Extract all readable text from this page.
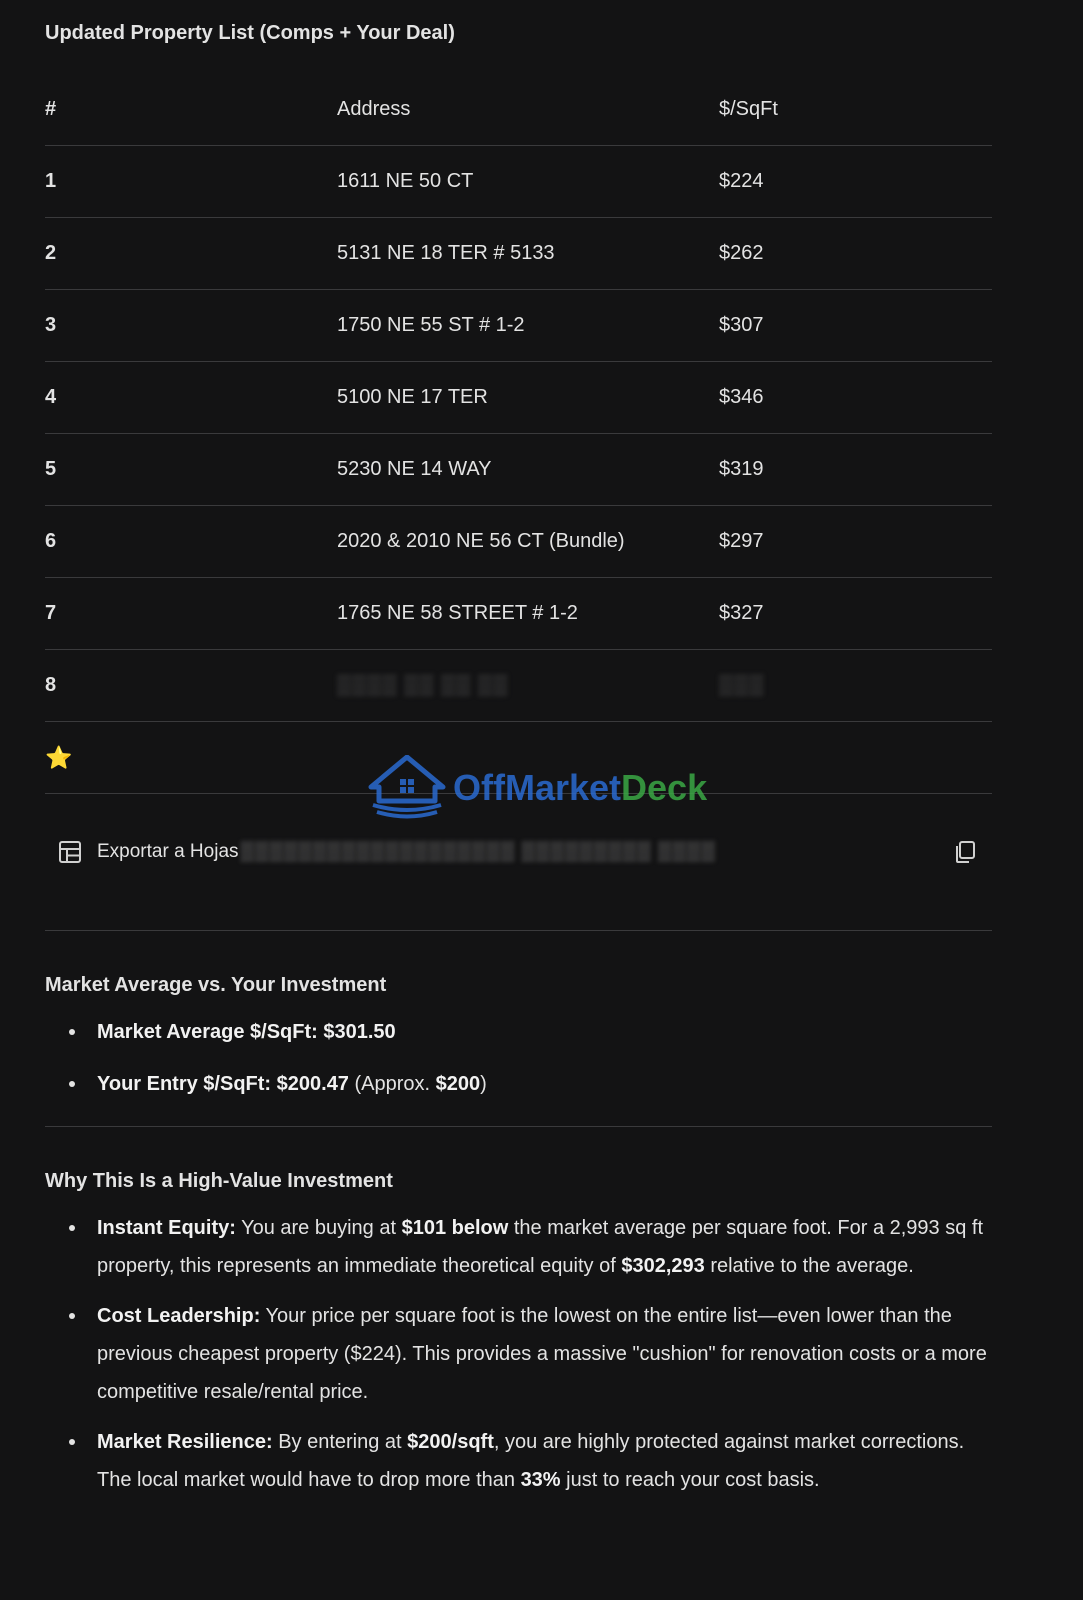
Updated Property List (Comps + Your Deal)
#	Address	$/SqFt
1	1611 NE 50 CT	$224
2	5131 NE 18 TER # 5133	$262
3	1750 NE 55 ST # 1-2	$307
4	5100 NE 17 TER	$346
5	5230 NE 14 WAY	$319
6	2020 & 2010 NE 56 CT (Bundle)	$297
7	1765 NE 58 STREET # 1-2	$327
8	▒▒▒▒ ▒▒ ▒▒ ▒▒	▒▒▒
⭐		
OffMarketDeck
Exportar a Hojas ▒▒▒▒▒▒▒▒▒▒▒▒▒▒▒▒▒▒▒ ▒▒▒▒▒▒▒▒▒ ▒▒▒▒
Market Average vs. Your Investment
Market Average $/SqFt: $301.50
Your Entry $/SqFt: $200.47 (Approx. $200)
Why This Is a High-Value Investment
Instant Equity: You are buying at $101 below the market average per square foot. For a 2,993 sq ft property, this represents an immediate theoretical equity of $302,293 relative to the average.
Cost Leadership: Your price per square foot is the lowest on the entire list—even lower than the previous cheapest property ($224). This provides a massive "cushion" for renovation costs or a more competitive resale/rental price.
Market Resilience: By entering at $200/sqft, you are highly protected against market corrections. The local market would have to drop more than 33% just to reach your cost basis.
